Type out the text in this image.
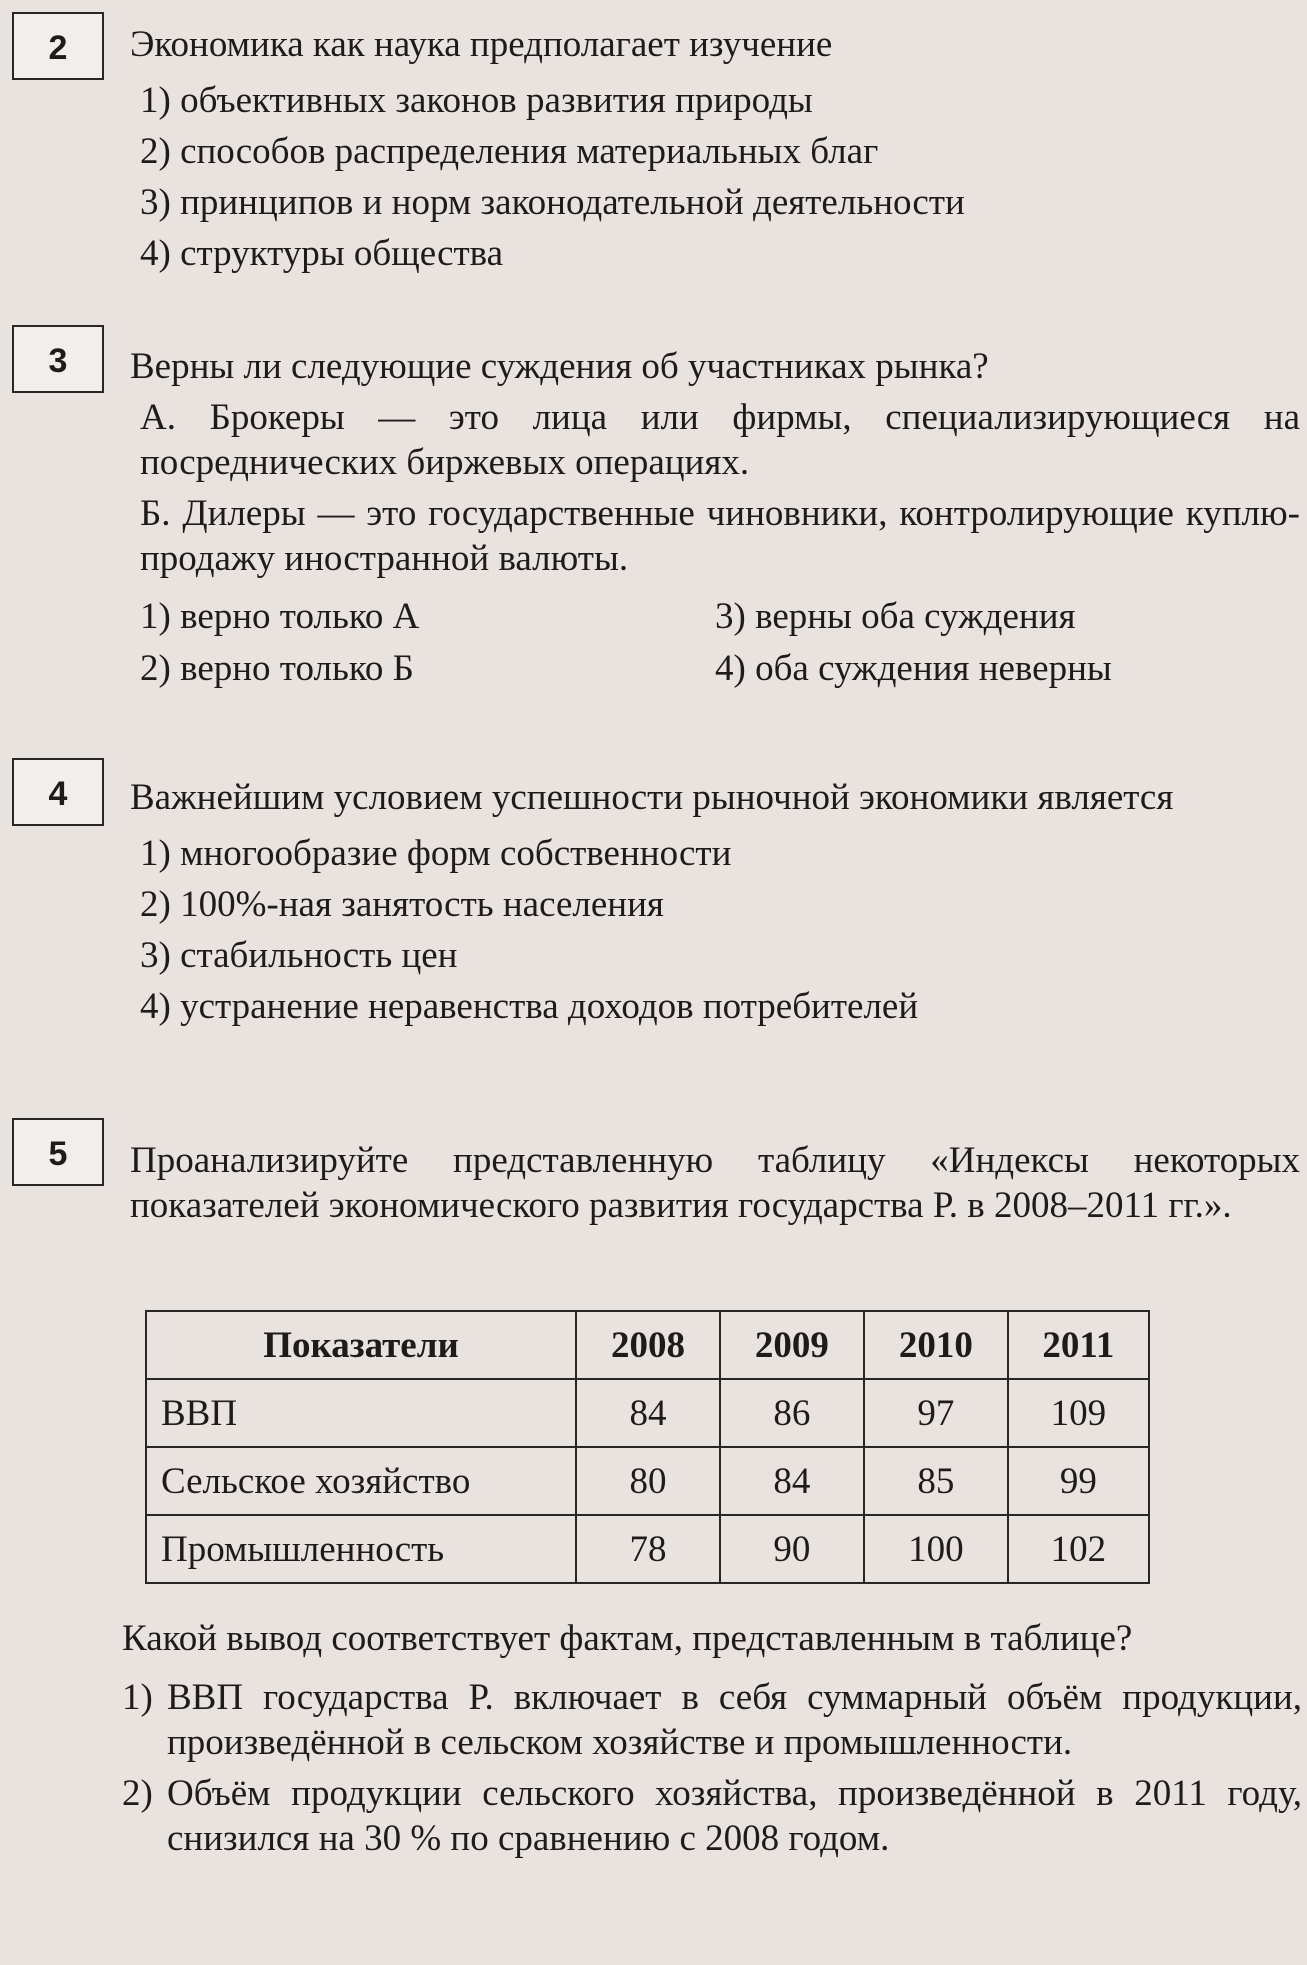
2	Экономика как наука предполагает изучение

1) объективных законов развития природы

2) способов распределения материальных благ

3) принципов и норм законодательной деятельности

4) структуры общества

3	Верны ли следующие суждения об участниках рынка?

А. Брокеры — это лица или фирмы, специализирующиеся на посреднических биржевых операциях.

Б. Дилеры — это государственные чиновники, контролирующие куплю-продажу иностранной валюты.

1) верно только А	3) верны оба суждения

2) верно только Б	4) оба суждения неверны

4	Важнейшим условием успешности рыночной экономики является

1) многообразие форм собственности

2) 100%-ная занятость населения

3) стабильность цен

4) устранение неравенства доходов потребителей

5	Проанализируйте представленную таблицу «Индексы некоторых показателей экономического развития государства Р. в 2008–2011 гг.».

Показатели	2008	2009	2010	2011
ВВП	84	86	97	109
Сельское хозяйство	80	84	85	99
Промышленность	78	90	100	102

Какой вывод соответствует фактам, представленным в таблице?

1) ВВП государства Р. включает в себя суммарный объём продукции, произведённой в сельском хозяйстве и промышленности.
2) Объём продукции сельского хозяйства, произведённой в 2011 году, снизился на 30 % по сравнению с 2008 годом.
